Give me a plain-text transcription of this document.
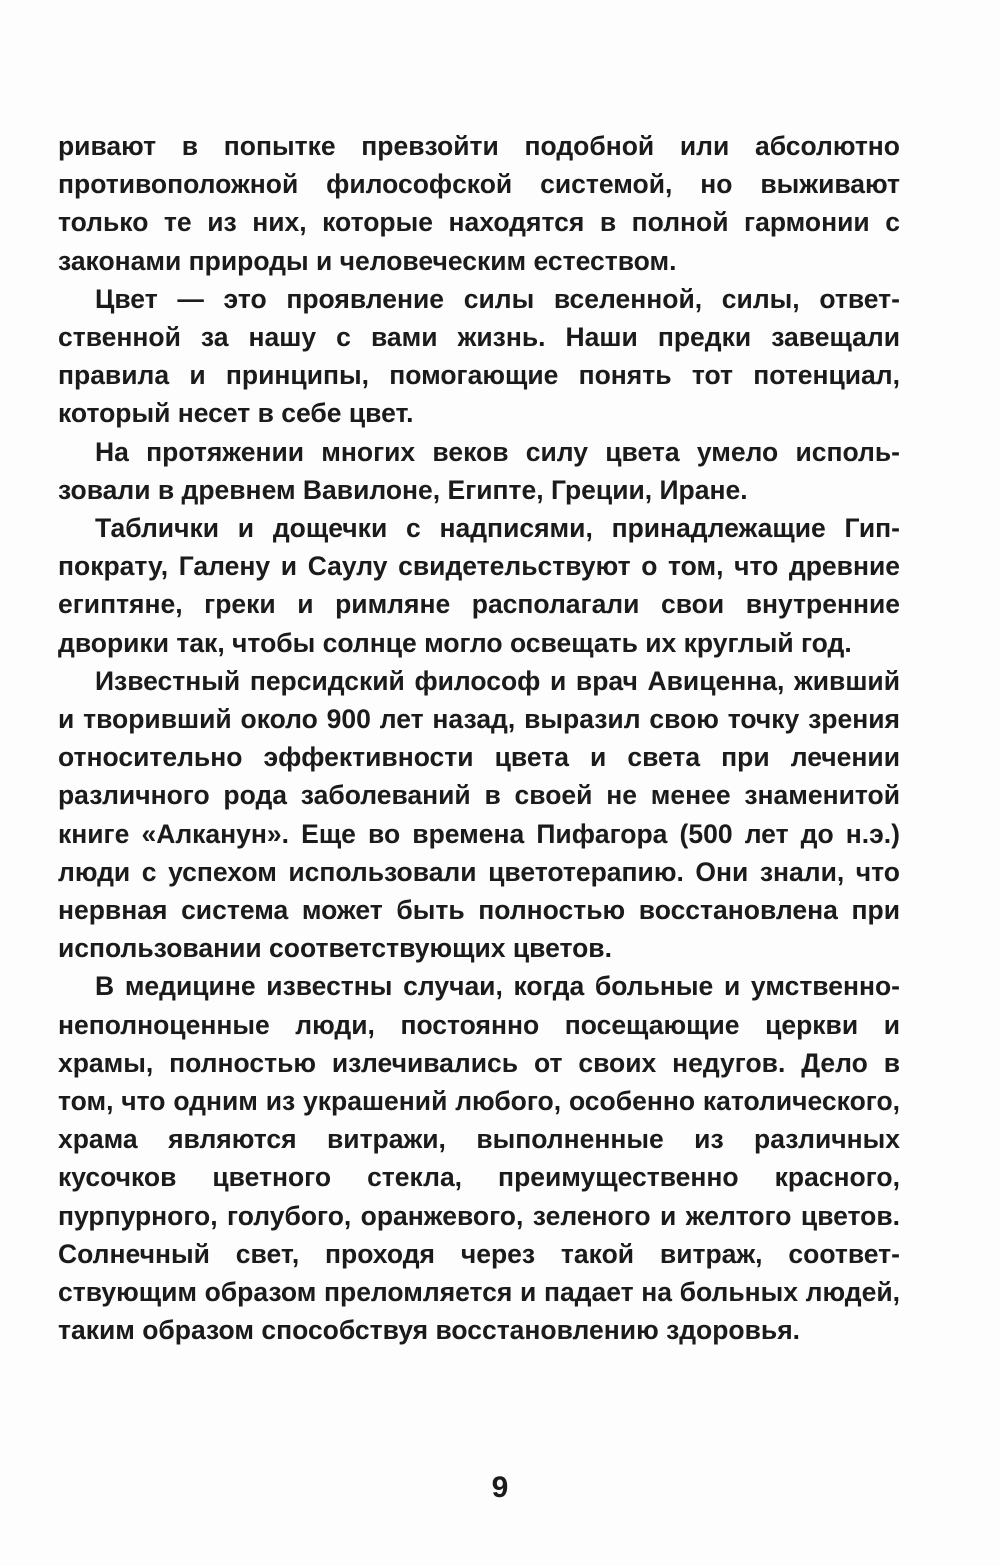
ривают в попытке превзойти подобной или абсолютно противоположной философской системой, но выживают только те из них, которые находятся в полной гармонии с законами природы и человеческим естеством.

Цвет — это проявление силы вселенной, силы, ответственной за нашу с вами жизнь. Наши предки завещали правила и принципы, помогающие понять тот потенциал, который несет в себе цвет.

На протяжении многих веков силу цвета умело использовали в древнем Вавилоне, Египте, Греции, Иране.

Таблички и дощечки с надписями, принадлежащие Гиппократу, Галену и Саулу свидетельствуют о том, что древние египтяне, греки и римляне располагали свои внутренние дворики так, чтобы солнце могло освещать их круглый год.

Известный персидский философ и врач Авиценна, живший и творивший около 900 лет назад, выразил свою точку зрения относительно эффективности цвета и света при лечении различного рода заболеваний в своей не менее знаменитой книге «Алканун». Еще во времена Пифагора (500 лет до н.э.) люди с успехом использовали цветотерапию. Они знали, что нервная система может быть полностью восстановлена при использовании соответствующих цветов.

В медицине известны случаи, когда больные и умственно-неполноценные люди, постоянно посещающие церкви и храмы, полностью излечивались от своих недугов. Дело в том, что одним из украшений любого, особенно католического, храма являются витражи, выполненные из различных кусочков цветного стекла, преимущественно красного, пурпурного, голубого, оранжевого, зеленого и желтого цветов. Солнечный свет, проходя через такой витраж, соответствующим образом преломляется и падает на больных людей, таким образом способствуя восстановлению здоровья.

9
